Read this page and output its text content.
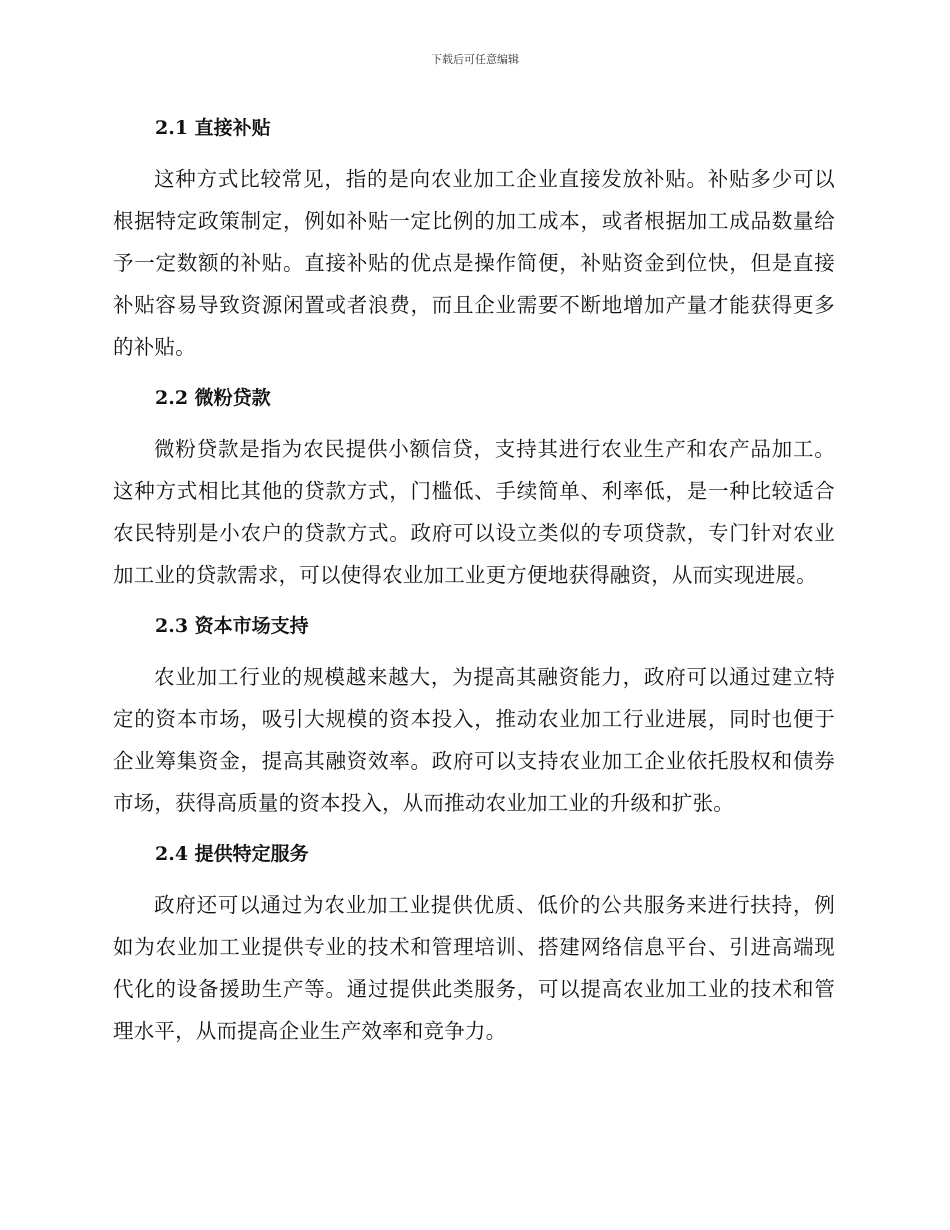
下载后可任意编辑
2.1 直接补贴

这种方式比较常见，指的是向农业加工企业直接发放补贴。补贴多少可以根据特定政策制定，例如补贴一定比例的加工成本，或者根据加工成品数量给予一定数额的补贴。直接补贴的优点是操作简便，补贴资金到位快，但是直接补贴容易导致资源闲置或者浪费，而且企业需要不断地增加产量才能获得更多的补贴。

2.2 微粉贷款

微粉贷款是指为农民提供小额信贷，支持其进行农业生产和农产品加工。这种方式相比其他的贷款方式，门槛低、手续简单、利率低，是一种比较适合农民特别是小农户的贷款方式。政府可以设立类似的专项贷款，专门针对农业加工业的贷款需求，可以使得农业加工业更方便地获得融资，从而实现进展。

2.3 资本市场支持

农业加工行业的规模越来越大，为提高其融资能力，政府可以通过建立特定的资本市场，吸引大规模的资本投入，推动农业加工行业进展，同时也便于企业筹集资金，提高其融资效率。政府可以支持农业加工企业依托股权和债券市场，获得高质量的资本投入，从而推动农业加工业的升级和扩张。

2.4 提供特定服务

政府还可以通过为农业加工业提供优质、低价的公共服务来进行扶持，例如为农业加工业提供专业的技术和管理培训、搭建网络信息平台、引进高端现代化的设备援助生产等。通过提供此类服务，可以提高农业加工业的技术和管理水平，从而提高企业生产效率和竞争力。
